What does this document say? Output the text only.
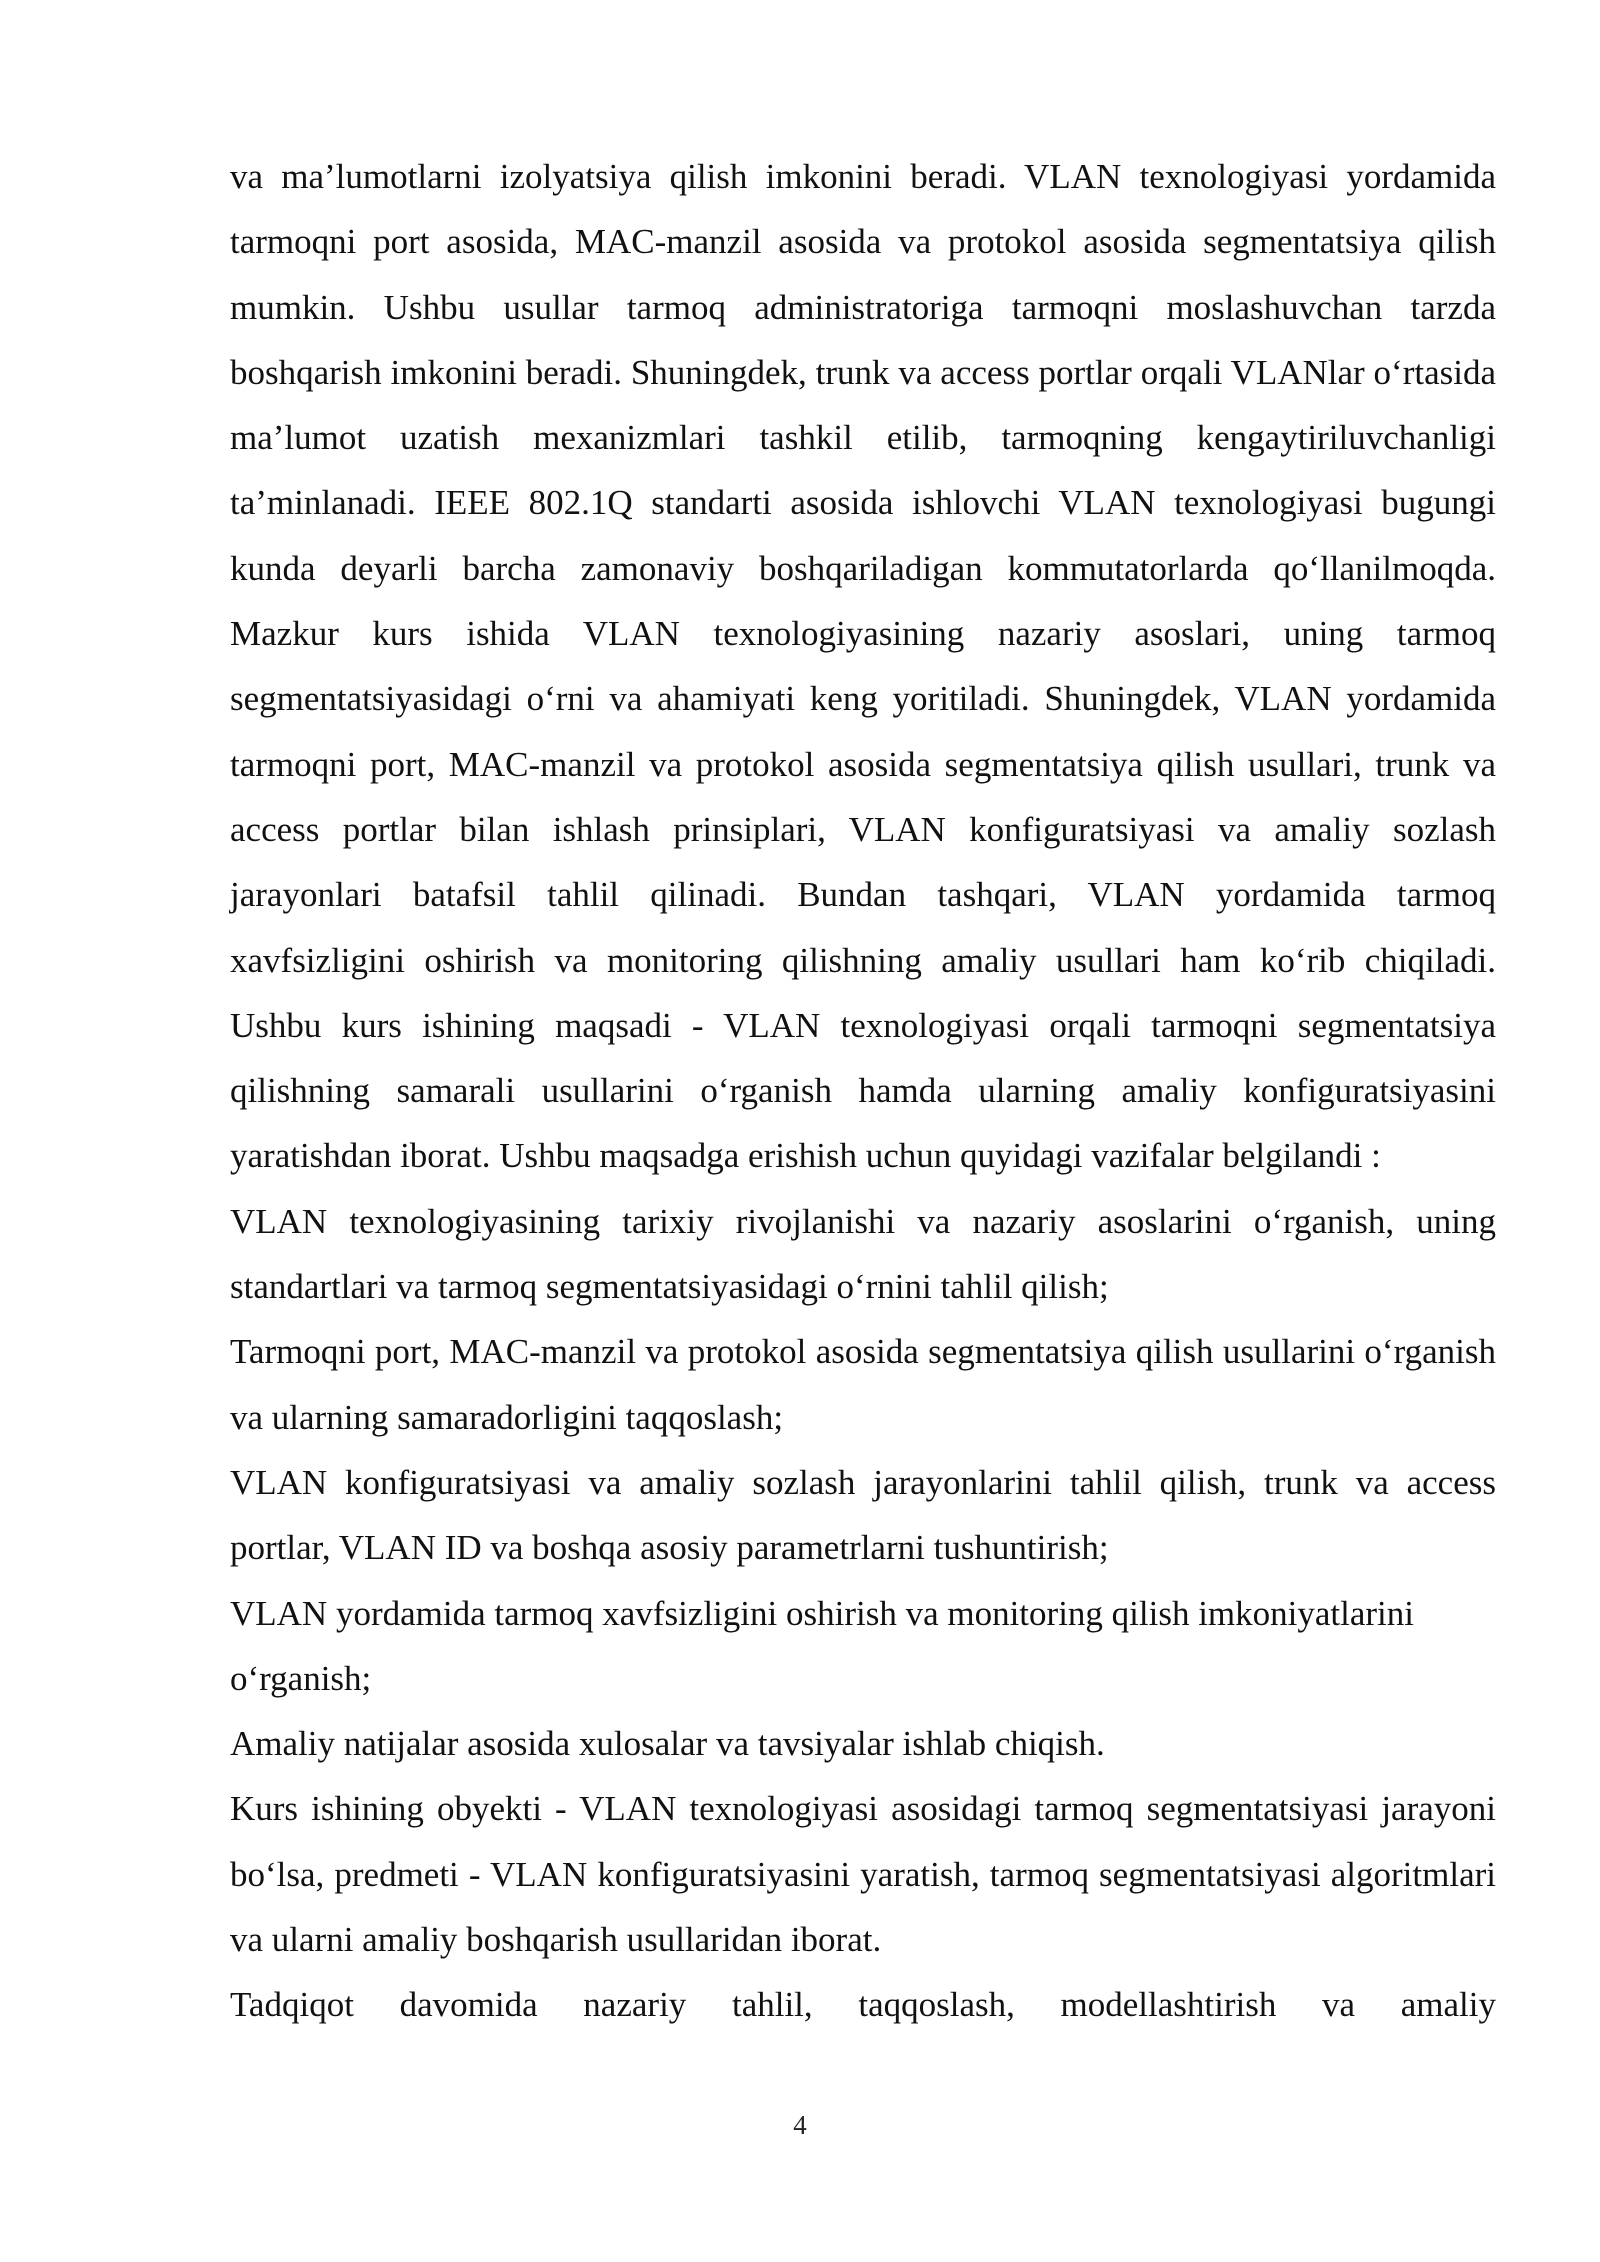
va ma’lumotlarni izolyatsiya qilish imkonini beradi. VLAN texnologiyasi yordamida tarmoqni port asosida, MAC-manzil asosida va protokol asosida segmentatsiya qilish mumkin. Ushbu usullar tarmoq administratoriga tarmoqni moslashuvchan tarzda boshqarish imkonini beradi. Shuningdek, trunk va access portlar orqali VLANlar o‘rtasida ma’lumot uzatish mexanizmlari tashkil etilib, tarmoqning kengaytiriluvchanligi ta’minlanadi. IEEE 802.1Q standarti asosida ishlovchi VLAN texnologiyasi bugungi kunda deyarli barcha zamonaviy boshqariladigan kommutatorlarda qo‘llanilmoqda. Mazkur kurs ishida VLAN texnologiyasining nazariy asoslari, uning tarmoq segmentatsiyasidagi o‘rni va ahamiyati keng yoritiladi. Shuningdek, VLAN yordamida tarmoqni port, MAC-manzil va protokol asosida segmentatsiya qilish usullari, trunk va access portlar bilan ishlash prinsiplari, VLAN konfiguratsiyasi va amaliy sozlash jarayonlari batafsil tahlil qilinadi. Bundan tashqari, VLAN yordamida tarmoq xavfsizligini oshirish va monitoring qilishning amaliy usullari ham ko‘rib chiqiladi. Ushbu kurs ishining maqsadi - VLAN texnologiyasi orqali tarmoqni segmentatsiya qilishning samarali usullarini o‘rganish hamda ularning amaliy konfiguratsiyasini yaratishdan iborat. Ushbu maqsadga erishish uchun quyidagi vazifalar belgilandi :

VLAN texnologiyasining tarixiy rivojlanishi va nazariy asoslarini o‘rganish, uning standartlari va tarmoq segmentatsiyasidagi o‘rnini tahlil qilish;

Tarmoqni port, MAC-manzil va protokol asosida segmentatsiya qilish usullarini o‘rganish va ularning samaradorligini taqqoslash;

VLAN konfiguratsiyasi va amaliy sozlash jarayonlarini tahlil qilish, trunk va access portlar, VLAN ID va boshqa asosiy parametrlarni tushuntirish;

VLAN yordamida tarmoq xavfsizligini oshirish va monitoring qilish imkoniyatlarini o‘rganish;

Amaliy natijalar asosida xulosalar va tavsiyalar ishlab chiqish.

Kurs ishining obyekti - VLAN texnologiyasi asosidagi tarmoq segmentatsiyasi jarayoni bo‘lsa, predmeti - VLAN konfiguratsiyasini yaratish, tarmoq segmentatsiyasi algoritmlari va ularni amaliy boshqarish usullaridan iborat.

Tadqiqot davomida nazariy tahlil, taqqoslash, modellashtirish va amaliy

4
